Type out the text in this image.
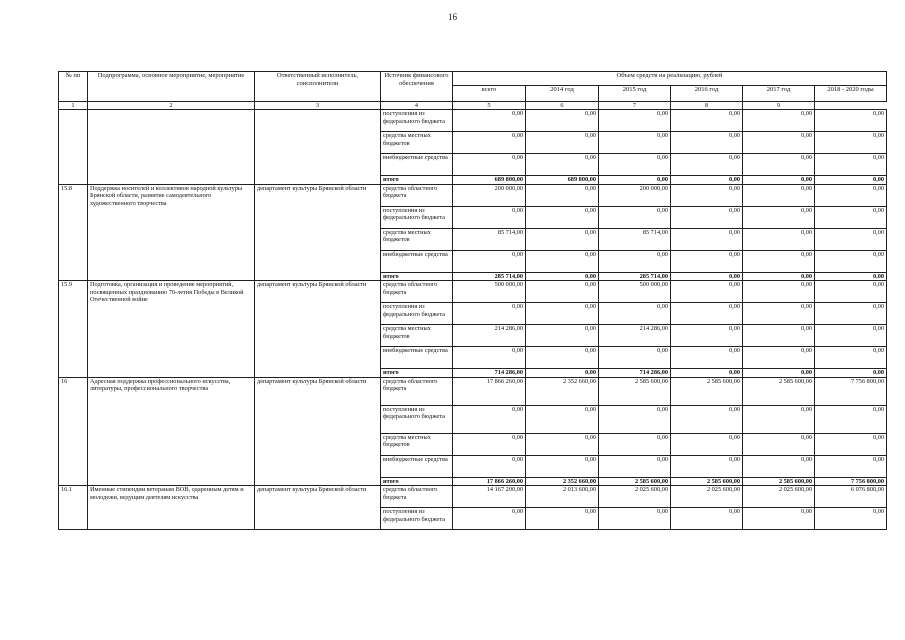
16
№ пп	Подпрограмма, основное мероприятие, мероприятие	Ответственный исполнитель, соисполнители	Источник финансового обеспечения	Объем средств на реализацию, рублей					
				всего	2014 год	2015 год	2016 год	2017 год	2018 - 2020 годы
1	2	3	4	5	6	7	8	9	
			поступления из федерального бюджета	0,00	0,00	0,00	0,00	0,00	0,00
			средства местных бюджетов	0,00	0,00	0,00	0,00	0,00	0,00
			внебюджетные средства	0,00	0,00	0,00	0,00	0,00	0,00
			итого	689 800,00	689 800,00	0,00	0,00	0,00	0,00
15.8	Поддержка носителей и коллективов народной культуры Брянской области, развитие самодеятельного художественного творчества	департамент культуры Брянской области	средства областного бюджета	200 000,00	0,00	200 000,00	0,00	0,00	0,00
			поступления из федерального бюджета	0,00	0,00	0,00	0,00	0,00	0,00
			средства местных бюджетов	85 714,00	0,00	85 714,00	0,00	0,00	0,00
			внебюджетные средства	0,00	0,00	0,00	0,00	0,00	0,00
			итого	285 714,00	0,00	285 714,00	0,00	0,00	0,00
15.9	Подготовка, организация и проведение мероприятий, посвященных празднованию 70-летия Победы в Великой Отечественной войне	департамент культуры Брянской области	средства областного бюджета	500 000,00	0,00	500 000,00	0,00	0,00	0,00
			поступления из федерального бюджета	0,00	0,00	0,00	0,00	0,00	0,00
			средства местных бюджетов	214 286,00	0,00	214 286,00	0,00	0,00	0,00
			внебюджетные средства	0,00	0,00	0,00	0,00	0,00	0,00
			итого	714 286,00	0,00	714 286,00	0,00	0,00	0,00
16	Адресная поддержка профессионального искусства, литературы, профессионального творчества	департамент культуры Брянской области	средства областного бюджета	17 866 260,00	2 352 660,00	2 585 600,00	2 585 600,00	2 585 600,00	7 756 800,00
			поступления из федерального бюджета	0,00	0,00	0,00	0,00	0,00	0,00
			средства местных бюджетов	0,00	0,00	0,00	0,00	0,00	0,00
			внебюджетные средства	0,00	0,00	0,00	0,00	0,00	0,00
			итого	17 866 260,00	2 352 660,00	2 585 600,00	2 585 600,00	2 585 600,00	7 756 800,00
16.1	Именные стипендии ветеранам ВОВ, одаренным детям и молодежи, ведущим деятелям искусства	департамент культуры Брянской области	средства областного бюджета	14 167 200,00	2 013 600,00	2 025 600,00	2 025 600,00	2 025 600,00	6 076 800,00
			поступления из федерального бюджета	0,00	0,00	0,00	0,00	0,00	0,00
